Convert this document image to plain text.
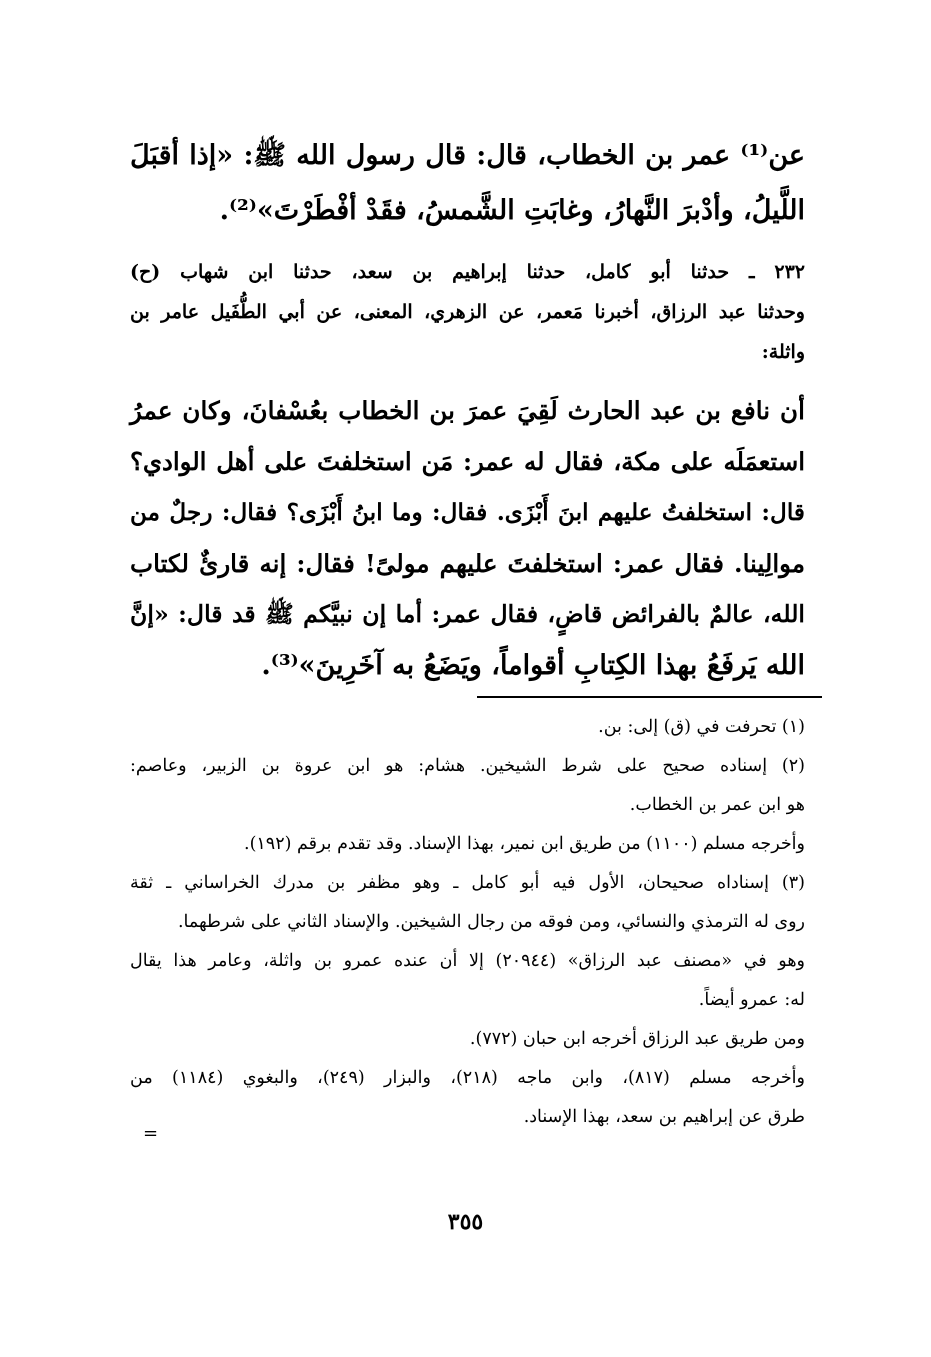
عن⁽¹⁾ عمر بن الخطاب، قال: قال رسول الله ﷺ: «إذا أقبَلَ
اللَّيلُ، وأدْبرَ النَّهارُ، وغابَتِ الشَّمسُ، فقَدْ أفْطَرْتَ»⁽²⁾.
٢٣٢ ـ حدثنا أبو كامل، حدثنا إبراهيم بن سعد، حدثنا ابن شهاب (ح)
وحدثنا عبد الرزاق، أخبرنا مَعمر، عن الزهري، المعنى، عن أبي الطُّفَيل عامر بن
واثلة:
أن نافع بن عبد الحارث لَقِيَ عمرَ بن الخطاب بعُسْفانَ، وكان عمرُ
استعمَلَه على مكة، فقال له عمر: مَن استخلفتَ على أهل الوادي؟
قال: استخلفتُ عليهم ابنَ أَبْزَى. فقال: وما ابنُ أَبْزَى؟ فقال: رجلٌ من
موالِينا. فقال عمر: استخلفتَ عليهم مولىً! فقال: إنه قارئٌ لكتاب
الله، عالمٌ بالفرائض قاضٍ، فقال عمر: أما إن نبيَّكم ﷺ قد قال: «إنَّ
الله يَرفَعُ بهذا الكِتابِ أقواماً، ويَضَعُ به آخَرِينَ»⁽³⁾.
(١) تحرفت في (ق) إلى: بن.
(٢) إسناده صحيح على شرط الشيخين. هشام: هو ابن عروة بن الزبير، وعاصم:
هو ابن عمر بن الخطاب.
وأخرجه مسلم (١١٠٠) من طريق ابن نمير، بهذا الإسناد. وقد تقدم برقم (١٩٢).
(٣) إسناداه صحيحان، الأول فيه أبو كامل ـ وهو مظفر بن مدرك الخراساني ـ ثقة
روى له الترمذي والنسائي، ومن فوقه من رجال الشيخين. والإسناد الثاني على شرطهما.
وهو في «مصنف عبد الرزاق» (٢٠٩٤٤) إلا أن عنده عمرو بن واثلة، وعامر هذا يقال
له: عمرو أيضاً.
ومن طريق عبد الرزاق أخرجه ابن حبان (٧٧٢).
وأخرجه مسلم (٨١٧)، وابن ماجه (٢١٨)، والبزار (٢٤٩)، والبغوي (١١٨٤) من
طرق عن إبراهيم بن سعد، بهذا الإسناد.
=
٣٥٥
